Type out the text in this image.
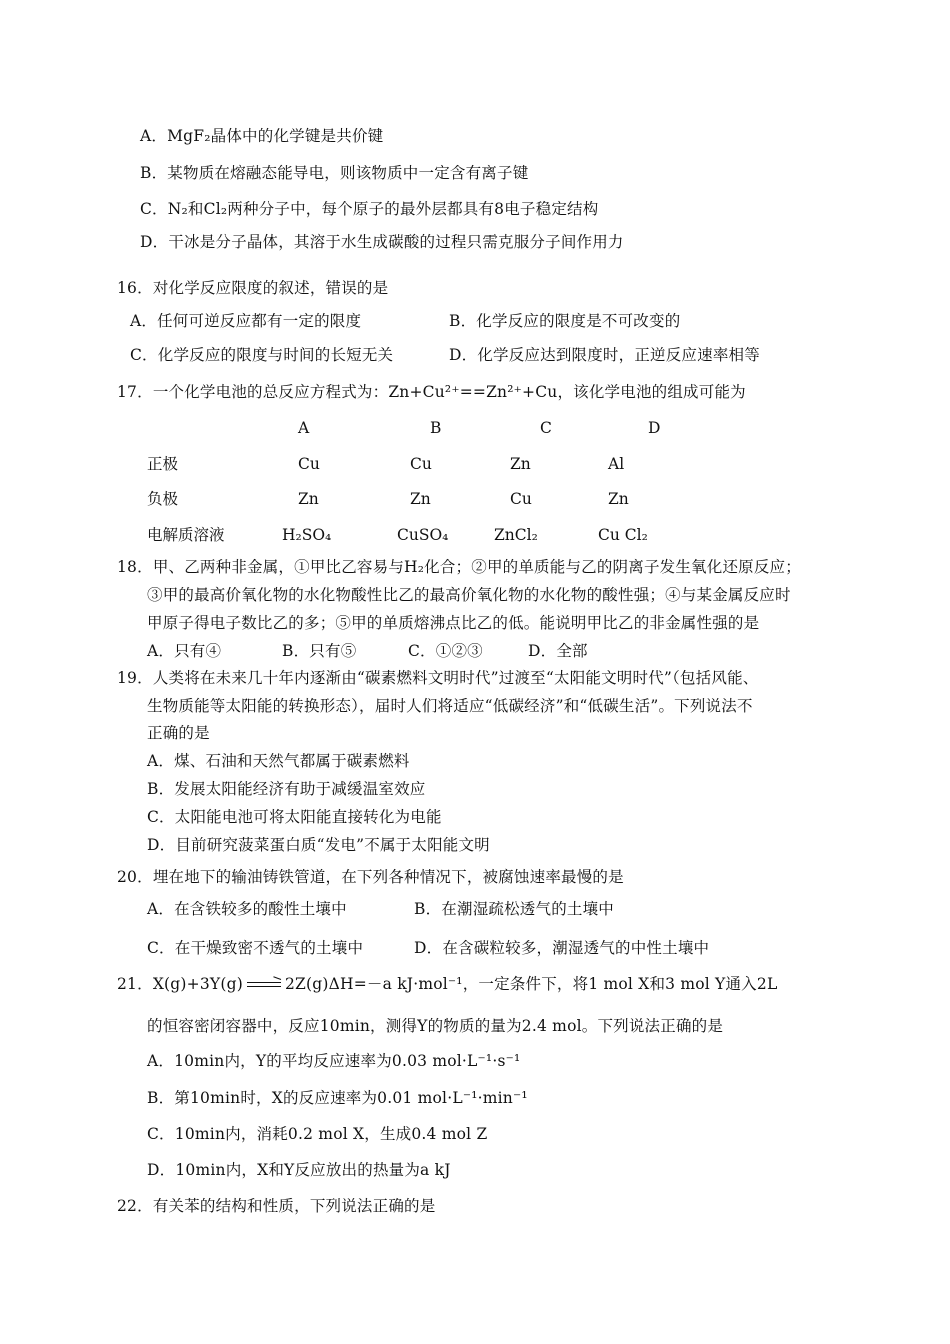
A．MgF₂晶体中的化学键是共价键
B．某物质在熔融态能导电，则该物质中一定含有离子键
C．N₂和Cl₂两种分子中，每个原子的最外层都具有8电子稳定结构
D．干冰是分子晶体，其溶于水生成碳酸的过程只需克服分子间作用力
16．对化学反应限度的叙述，错误的是
A．任何可逆反应都有一定的限度	B．化学反应的限度是不可改变的
C．化学反应的限度与时间的长短无关	D．化学反应达到限度时，正逆反应速率相等
17．一个化学电池的总反应方程式为：Zn+Cu²⁺==Zn²⁺+Cu，该化学电池的组成可能为
A	B	C	D
正极	Cu	Cu	Zn	Al
负极	Zn	Zn	Cu	Zn
电解质溶液	H₂SO₄	CuSO₄	ZnCl₂	Cu Cl₂
18．甲、乙两种非金属，①甲比乙容易与H₂化合；②甲的单质能与乙的阴离子发生氧化还原反应；
③甲的最高价氧化物的水化物酸性比乙的最高价氧化物的水化物的酸性强；④与某金属反应时
甲原子得电子数比乙的多；⑤甲的单质熔沸点比乙的低。能说明甲比乙的非金属性强的是
A．只有④	B．只有⑤	C．①②③	D．全部
19．人类将在未来几十年内逐渐由“碳素燃料文明时代”过渡至“太阳能文明时代”（包括风能、
生物质能等太阳能的转换形态），届时人们将适应“低碳经济”和“低碳生活”。下列说法不
正确的是
A．煤、石油和天然气都属于碳素燃料
B．发展太阳能经济有助于减缓温室效应
C．太阳能电池可将太阳能直接转化为电能
D．目前研究菠菜蛋白质“发电”不属于太阳能文明
20．埋在地下的输油铸铁管道，在下列各种情况下，被腐蚀速率最慢的是
A．在含铁较多的酸性土壤中	B．在潮湿疏松透气的土壤中
C．在干燥致密不透气的土壤中	D．在含碳粒较多，潮湿透气的中性土壤中
21．X(g)+3Y(g) → 2Z(g)ΔH=－a kJ·mol⁻¹，一定条件下，将1 mol X和3 mol Y通入2L
的恒容密闭容器中，反应10min，测得Y的物质的量为2.4 mol。下列说法正确的是
A．10min内，Y的平均反应速率为0.03 mol·L⁻¹·s⁻¹
B．第10min时，X的反应速率为0.01 mol·L⁻¹·min⁻¹
C．10min内，消耗0.2 mol X，生成0.4 mol Z
D．10min内，X和Y反应放出的热量为a kJ
22．有关苯的结构和性质，下列说法正确的是
